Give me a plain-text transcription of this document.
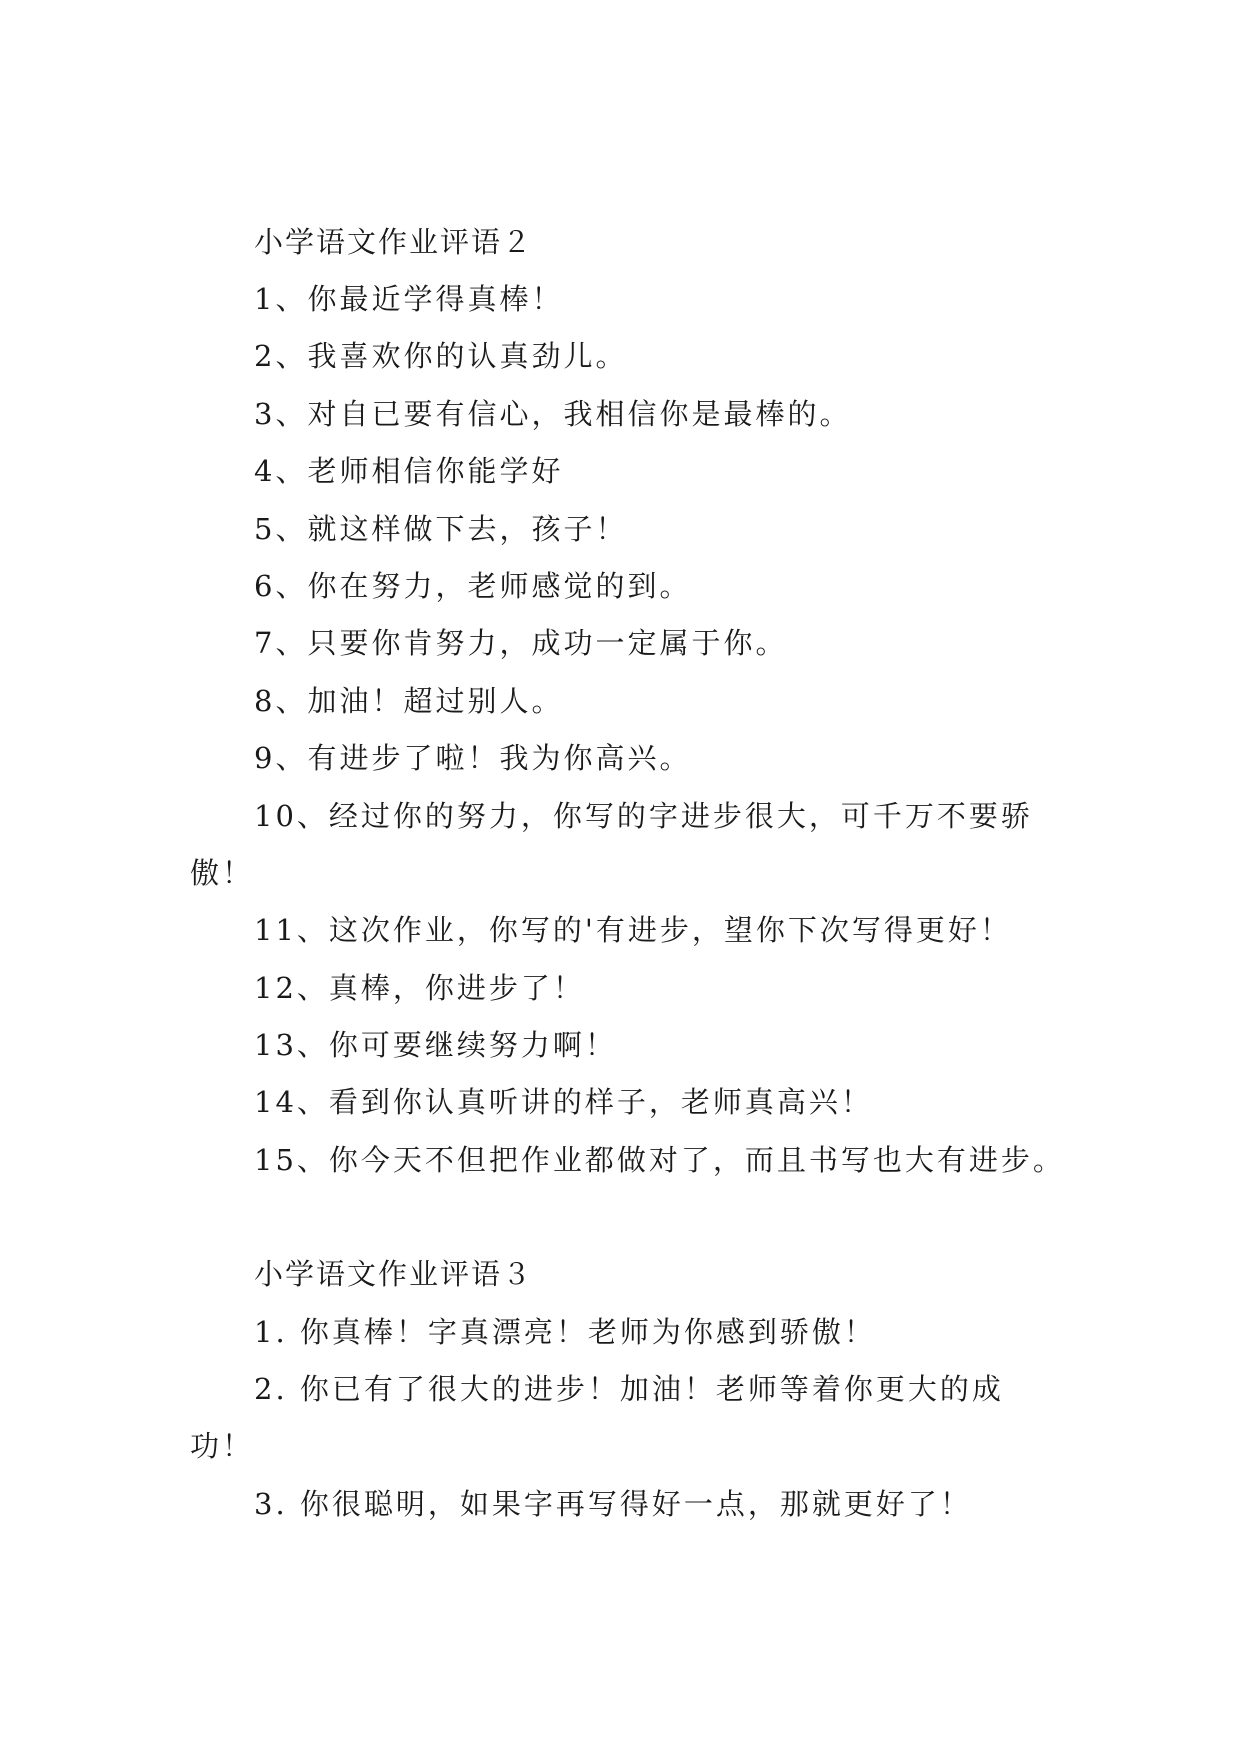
小学语文作业评语２
1、你最近学得真棒！
2、我喜欢你的认真劲儿。
3、对自已要有信心，我相信你是最棒的。
4、老师相信你能学好
5、就这样做下去，孩子！
6、你在努力，老师感觉的到。
7、只要你肯努力，成功一定属于你。
8、加油！超过别人。
9、有进步了啦！我为你高兴。
10、经过你的努力，你写的字进步很大，可千万不要骄
傲！
11、这次作业，你写的'有进步，望你下次写得更好！
12、真棒，你进步了！
13、你可要继续努力啊！
14、看到你认真听讲的样子，老师真高兴！
15、你今天不但把作业都做对了，而且书写也大有进步。
小学语文作业评语３
1. 你真棒！字真漂亮！老师为你感到骄傲！
2. 你已有了很大的进步！加油！老师等着你更大的成
功！
3. 你很聪明，如果字再写得好一点，那就更好了！
